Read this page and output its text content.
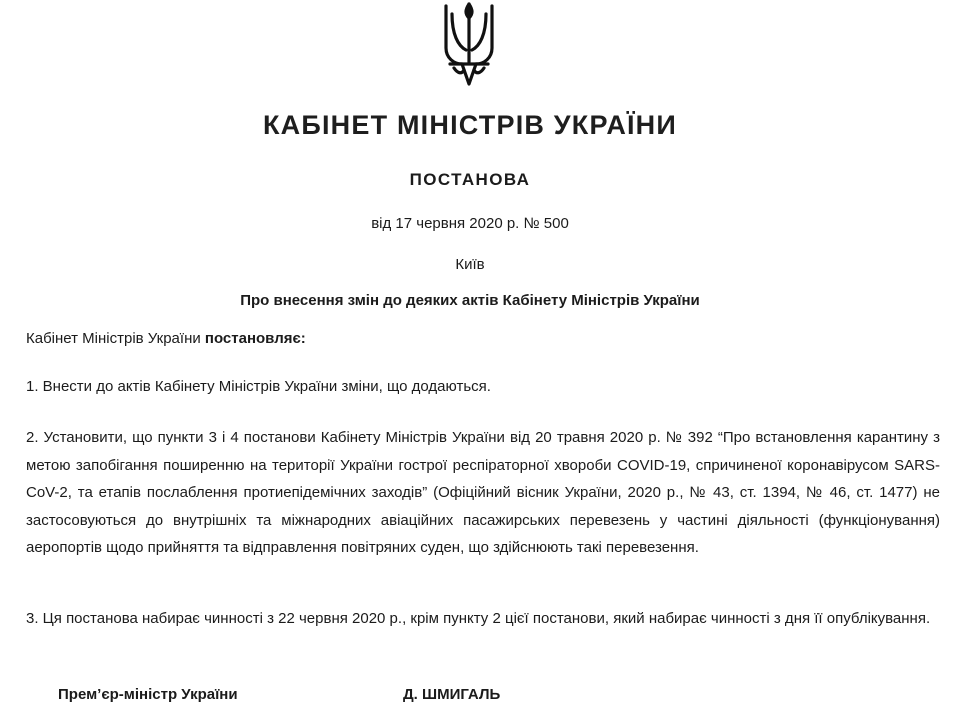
КАБІНЕТ МІНІСТРІВ УКРАЇНИ
ПОСТАНОВА
від 17 червня 2020 р. № 500
Київ
Про внесення змін до деяких актів Кабінету Міністрів України

Кабінет Міністрів України постановляє:

1. Внести до актів Кабінету Міністрів України зміни, що додаються.

2. Установити, що пункти 3 і 4 постанови Кабінету Міністрів України від 20 травня 2020 р. № 392 “Про встановлення карантину з метою запобігання поширенню на території України гострої респіраторної хвороби COVID-19, спричиненої коронавірусом SARS-CoV-2, та етапів послаблення протиепідемічних заходів” (Офіційний вісник України, 2020 р., № 43, ст. 1394, № 46, ст. 1477) не застосовуються до внутрішніх та міжнародних авіаційних пасажирських перевезень у частині діяльності (функціонування) аеропортів щодо прийняття та відправлення повітряних суден, що здійснюють такі перевезення.

3. Ця постанова набирає чинності з 22 червня 2020 р., крім пункту 2 цієї постанови, який набирає чинності з дня її опублікування.

Прем’єр-міністр України	Д. ШМИГАЛЬ
